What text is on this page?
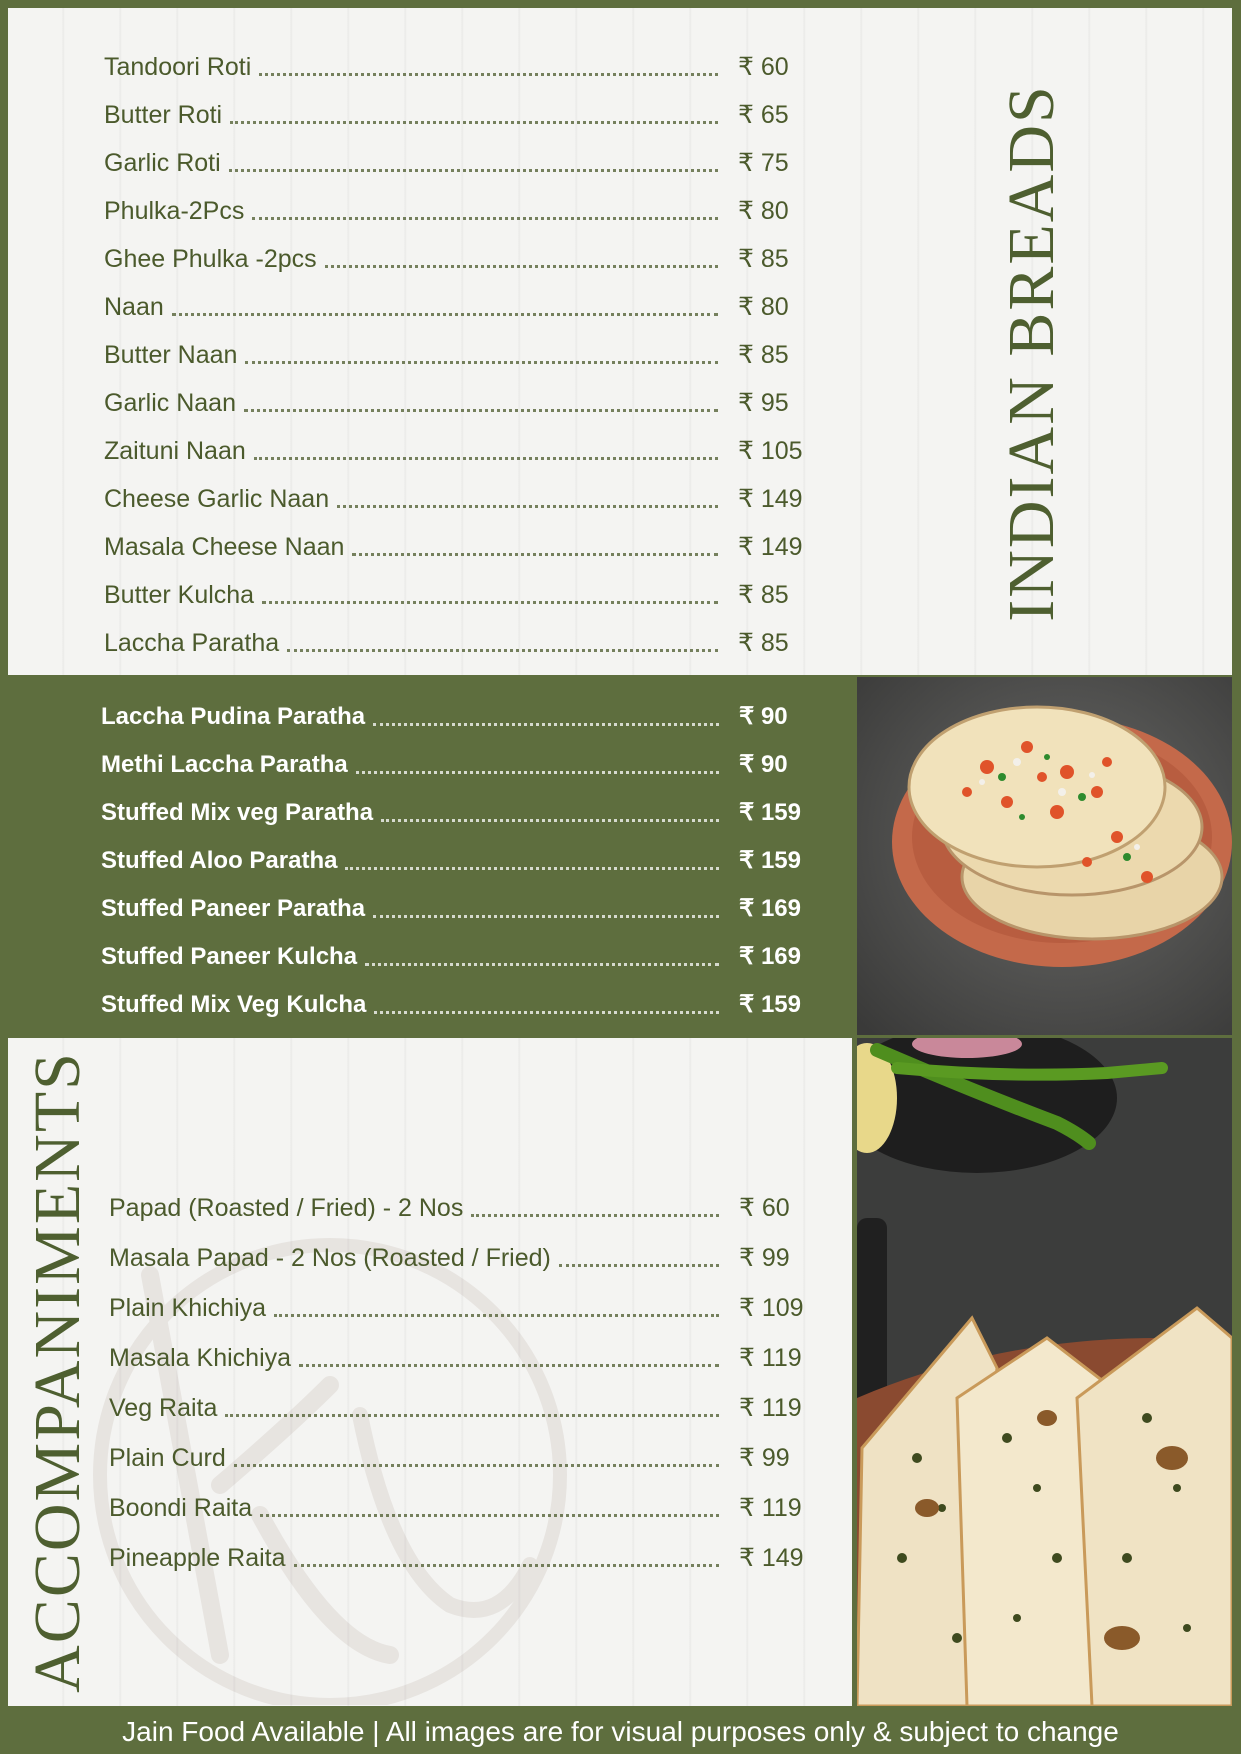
Tandoori Roti	₹ 60
Butter Roti	₹ 65
Garlic Roti	₹ 75
Phulka-2Pcs	₹ 80
Ghee Phulka -2pcs	₹ 85
Naan	₹ 80
Butter Naan	₹ 85
Garlic Naan	₹ 95
Zaituni Naan	₹ 105
Cheese Garlic Naan	₹ 149
Masala Cheese Naan	₹ 149
Butter Kulcha	₹ 85
Laccha Paratha	₹ 85
Laccha Pudina Paratha	₹ 90
Methi Laccha Paratha	₹ 90
Stuffed Mix veg Paratha	₹ 159
Stuffed Aloo Paratha	₹ 159
Stuffed Paneer Paratha	₹ 169
Stuffed Paneer Kulcha	₹ 169
Stuffed Mix Veg Kulcha	₹ 159
Papad (Roasted / Fried) - 2 Nos	₹ 60
Masala Papad - 2 Nos (Roasted / Fried)	₹ 99
Plain Khichiya	₹ 109
Masala Khichiya	₹ 119
Veg Raita	₹ 119
Plain Curd	₹ 99
Boondi Raita	₹ 119
Pineapple Raita	₹ 149
INDIAN BREADS
ACCOMPANIMENTS
Jain Food Available | All images are for visual purposes only & subject to change
